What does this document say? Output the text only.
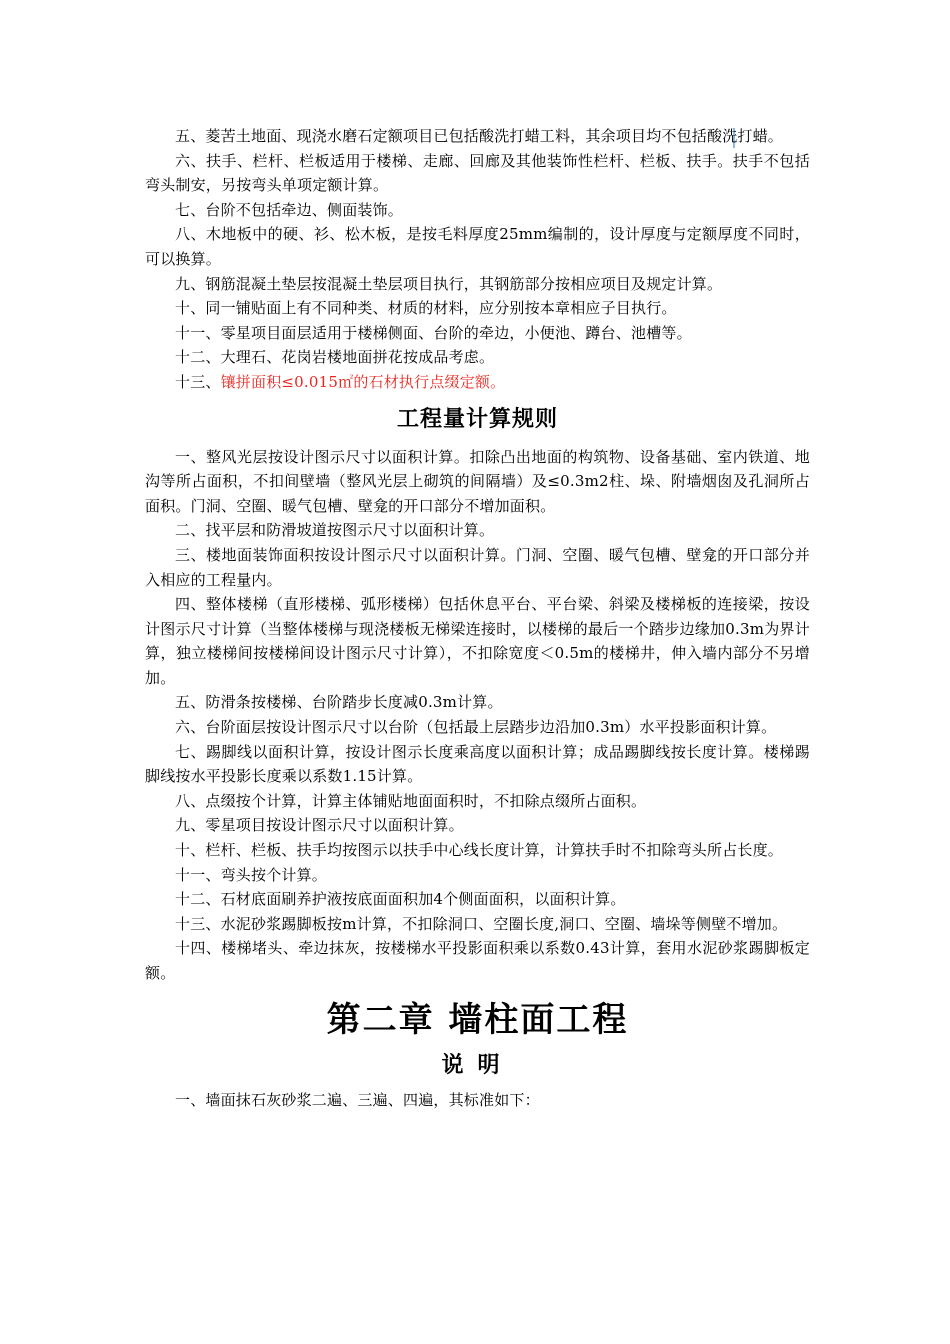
五、菱苦土地面、现浇水磨石定额项目已包括酸洗打蜡工料，其余项目均不包括酸洗打蜡。

六、扶手、栏杆、栏板适用于楼梯、走廊、回廊及其他装饰性栏杆、栏板、扶手。扶手不包括弯头制安，另按弯头单项定额计算。

七、台阶不包括牵边、侧面装饰。

八、木地板中的硬、衫、松木板，是按毛料厚度25mm编制的，设计厚度与定额厚度不同时，可以换算。

九、钢筋混凝土垫层按混凝土垫层项目执行，其钢筋部分按相应项目及规定计算。

十、同一铺贴面上有不同种类、材质的材料，应分别按本章相应子目执行。

十一、零星项目面层适用于楼梯侧面、台阶的牵边，小便池、蹲台、池槽等。

十二、大理石、花岗岩楼地面拼花按成品考虑。

十三、镶拼面积≤0.015㎡的石材执行点缀定额。

工程量计算规则

一、整风光层按设计图示尺寸以面积计算。扣除凸出地面的构筑物、设备基础、室内铁道、地沟等所占面积，不扣间壁墙（整风光层上砌筑的间隔墙）及≤0.3m2柱、垛、附墙烟囱及孔洞所占面积。门洞、空圈、暖气包槽、壁龛的开口部分不增加面积。

二、找平层和防滑坡道按图示尺寸以面积计算。

三、楼地面装饰面积按设计图示尺寸以面积计算。门洞、空圈、暖气包槽、壁龛的开口部分并入相应的工程量内。

四、整体楼梯（直形楼梯、弧形楼梯）包括休息平台、平台梁、斜梁及楼梯板的连接梁，按设计图示尺寸计算（当整体楼梯与现浇楼板无梯梁连接时，以楼梯的最后一个踏步边缘加0.3m为界计算，独立楼梯间按楼梯间设计图示尺寸计算），不扣除宽度＜0.5m的楼梯井，伸入墙内部分不另增加。

五、防滑条按楼梯、台阶踏步长度减0.3m计算。

六、台阶面层按设计图示尺寸以台阶（包括最上层踏步边沿加0.3m）水平投影面积计算。

七、踢脚线以面积计算，按设计图示长度乘高度以面积计算；成品踢脚线按长度计算。楼梯踢脚线按水平投影长度乘以系数1.15计算。

八、点缀按个计算，计算主体铺贴地面面积时，不扣除点缀所占面积。

九、零星项目按设计图示尺寸以面积计算。

十、栏杆、栏板、扶手均按图示以扶手中心线长度计算，计算扶手时不扣除弯头所占长度。

十一、弯头按个计算。

十二、石材底面刷养护液按底面面积加4个侧面面积，以面积计算。

十三、水泥砂浆踢脚板按m计算，不扣除洞口、空圈长度,洞口、空圈、墙垛等侧壁不增加。

十四、楼梯堵头、牵边抹灰，按楼梯水平投影面积乘以系数0.43计算，套用水泥砂浆踢脚板定额。

第二章 墙柱面工程
说明

一、墙面抹石灰砂浆二遍、三遍、四遍，其标准如下：
